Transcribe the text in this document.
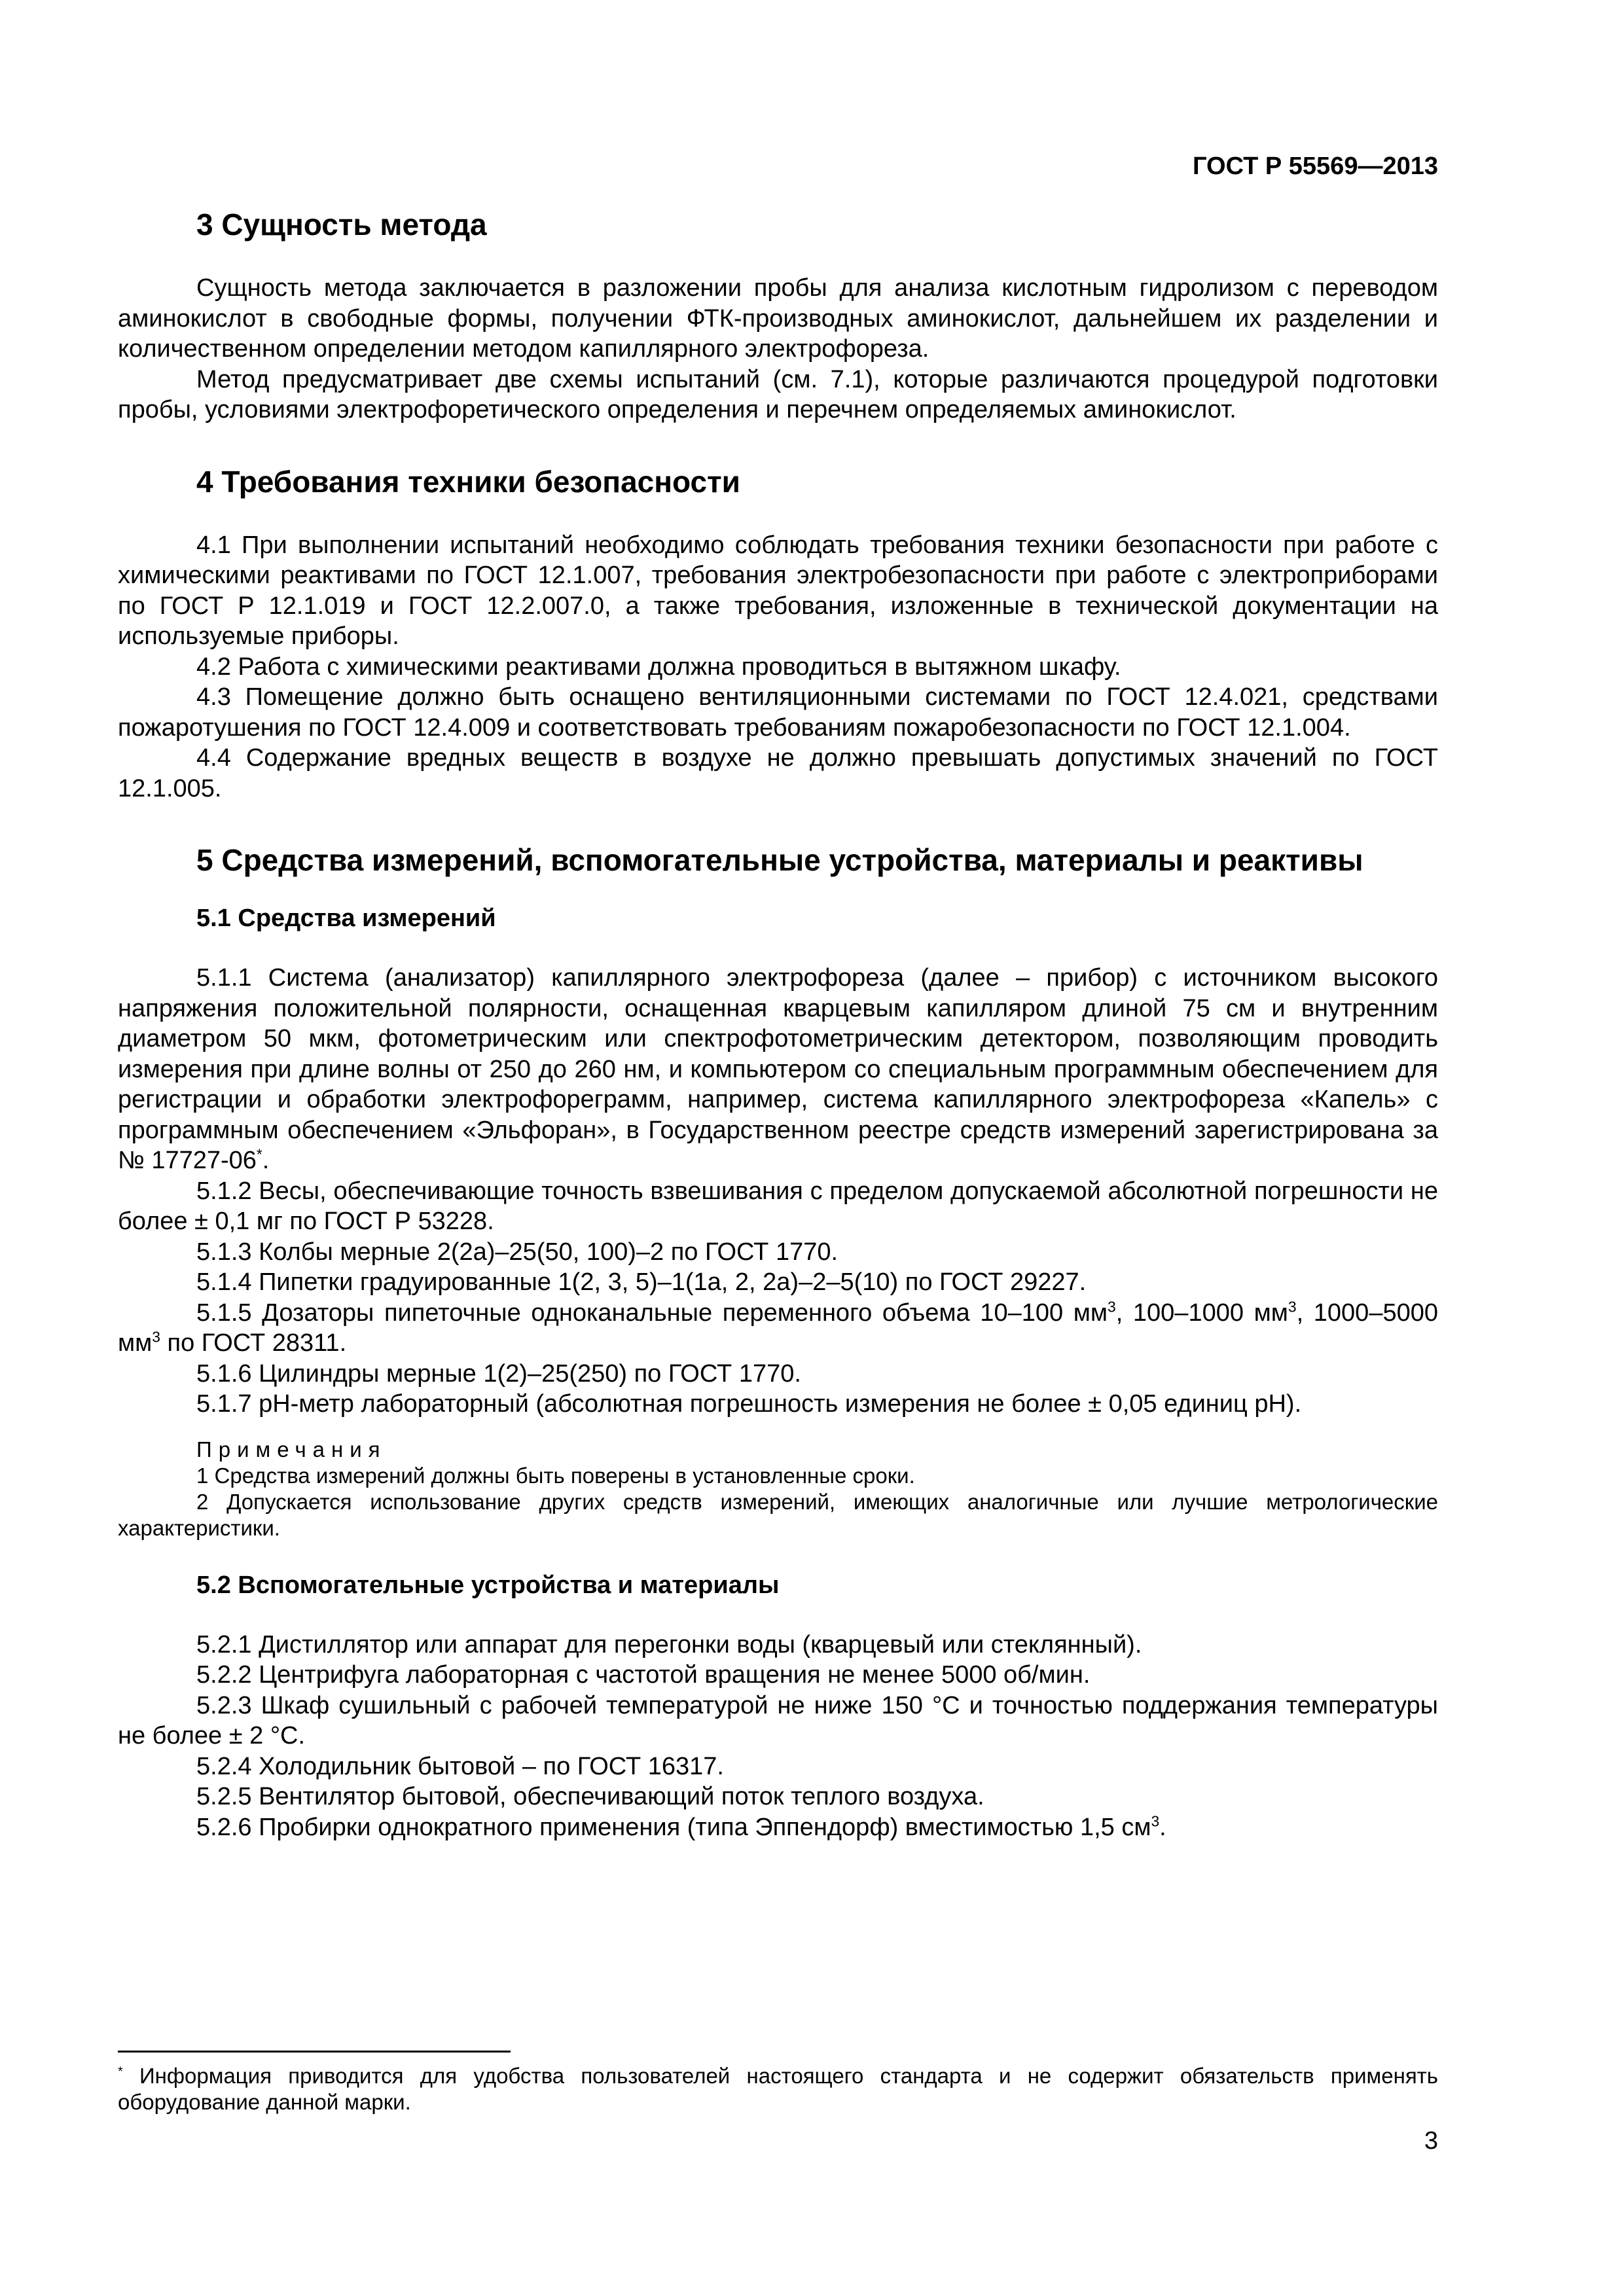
ГОСТ Р 55569—2013
3 Сущность метода

Сущность метода заключается в разложении пробы для анализа кислотным гидролизом с переводом аминокислот в свободные формы, получении ФТК-производных аминокислот, дальнейшем их разделении и количественном определении методом капиллярного электрофореза.

Метод предусматривает две схемы испытаний (см. 7.1), которые различаются процедурой подготовки пробы, условиями электрофоретического определения и перечнем определяемых аминокислот.

4 Требования техники безопасности

4.1 При выполнении испытаний необходимо соблюдать требования техники безопасности при работе с химическими реактивами по ГОСТ 12.1.007, требования электробезопасности при работе с электроприборами по ГОСТ Р 12.1.019 и ГОСТ 12.2.007.0, а также требования, изложенные в технической документации на используемые приборы.

4.2 Работа с химическими реактивами должна проводиться в вытяжном шкафу.

4.3 Помещение должно быть оснащено вентиляционными системами по ГОСТ 12.4.021, средствами пожаротушения по ГОСТ 12.4.009 и соответствовать требованиям пожаробезопасности по ГОСТ 12.1.004.

4.4 Содержание вредных веществ в воздухе не должно превышать допустимых значений по ГОСТ 12.1.005.

5 Средства измерений, вспомогательные устройства, материалы и реактивы
5.1 Средства измерений

5.1.1 Система (анализатор) капиллярного электрофореза (далее – прибор) с источником высокого напряжения положительной полярности, оснащенная кварцевым капилляром длиной 75 см и внутренним диаметром 50 мкм, фотометрическим или спектрофотометрическим детектором, позволяющим проводить измерения при длине волны от 250 до 260 нм, и компьютером со специальным программным обеспечением для регистрации и обработки электрофореграмм, например, система капиллярного электрофореза «Капель» с программным обеспечением «Эльфоран», в Государственном реестре средств измерений зарегистрирована за № 17727-06*.

5.1.2 Весы, обеспечивающие точность взвешивания с пределом допускаемой абсолютной погрешности не более ± 0,1 мг по ГОСТ Р 53228.

5.1.3 Колбы мерные 2(2а)–25(50, 100)–2 по ГОСТ 1770.

5.1.4 Пипетки градуированные 1(2, 3, 5)–1(1а, 2, 2а)–2–5(10) по ГОСТ 29227.

5.1.5 Дозаторы пипеточные одноканальные переменного объема 10–100 $мм^3$, 100–1000 $мм^3$, 1000–5000 $мм^3$ по ГОСТ 28311.

5.1.6 Цилиндры мерные 1(2)–25(250) по ГОСТ 1770.

5.1.7 рН-метр лабораторный (абсолютная погрешность измерения не более ± 0,05 единиц рН).

Примечания

1 Средства измерений должны быть поверены в установленные сроки.

2 Допускается использование других средств измерений, имеющих аналогичные или лучшие метрологические характеристики.

5.2 Вспомогательные устройства и материалы

5.2.1 Дистиллятор или аппарат для перегонки воды (кварцевый или стеклянный).

5.2.2 Центрифуга лабораторная с частотой вращения не менее 5000 об/мин.

5.2.3 Шкаф сушильный с рабочей температурой не ниже 150 °С и точностью поддержания температуры не более ± 2 °С.

5.2.4 Холодильник бытовой – по ГОСТ 16317.

5.2.5 Вентилятор бытовой, обеспечивающий поток теплого воздуха.

5.2.6 Пробирки однократного применения (типа Эппендорф) вместимостью 1,5 $см^3$.

* Информация приводится для удобства пользователей настоящего стандарта и не содержит обязательств применять оборудование данной марки.
3
